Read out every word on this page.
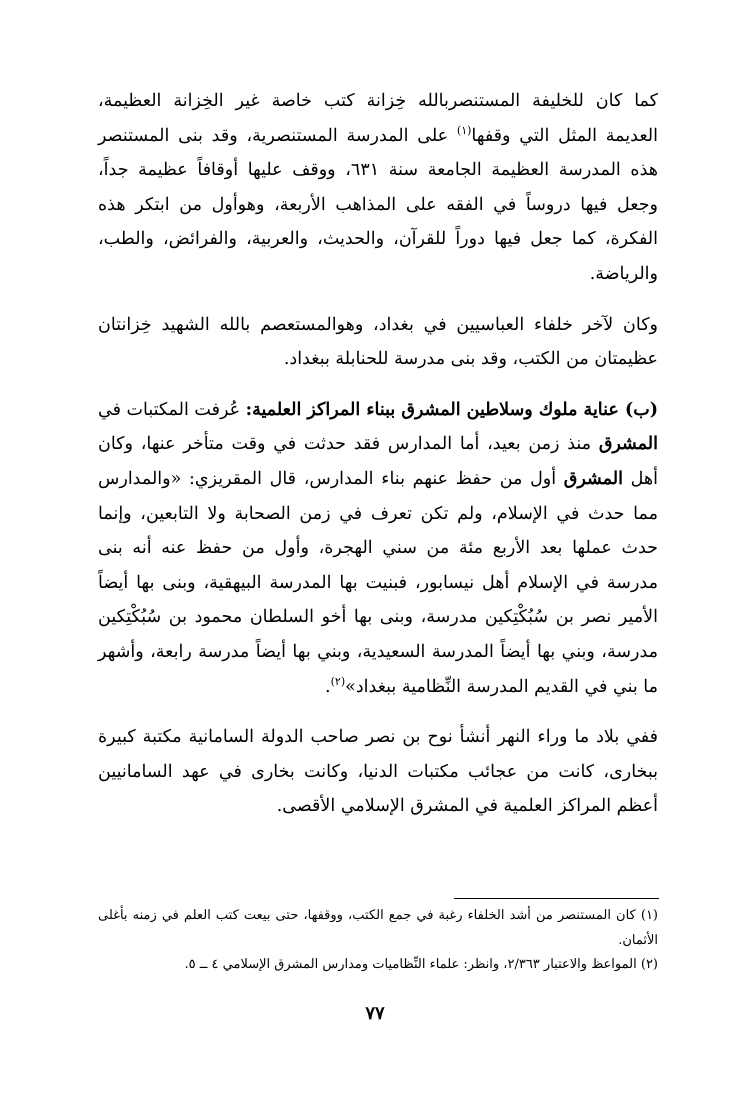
كما كان للخليفة المستنصربالله خِزانة كتب خاصة غير الخِزانة العظيمة، العديمة المثل التي وقفها$^{(١)}$ على المدرسة المستنصرية، وقد بنى المستنصر هذه المدرسة العظيمة الجامعة سنة ٦٣١، ووقف عليها أوقافاً عظيمة جداً، وجعل فيها دروساً في الفقه على المذاهب الأربعة، وهوأول من ابتكر هذه الفكرة، كما جعل فيها دوراً للقرآن، والحديث، والعربية، والفرائض، والطب، والرياضة.

وكان لآخر خلفاء العباسيين في بغداد، وهوالمستعصم بالله الشهيد خِزانتان عظيمتان من الكتب، وقد بنى مدرسة للحنابلة ببغداد.

(ب) عناية ملوك وسلاطين المشرق ببناء المراكز العلمية: عُرفت المكتبات في المشرق منذ زمن بعيد، أما المدارس فقد حدثت في وقت متأخر عنها، وكان أهل المشرق أول من حفظ عنهم بناء المدارس، قال المقريزي: «والمدارس مما حدث في الإسلام، ولم تكن تعرف في زمن الصحابة ولا التابعين، وإنما حدث عملها بعد الأربع مئة من سني الهجرة، وأول من حفظ عنه أنه بنى مدرسة في الإسلام أهل نيسابور، فبنيت بها المدرسة البيهقية، وبنى بها أيضاً الأمير نصر بن سُبُكْتِكين مدرسة، وبنى بها أخو السلطان محمود بن سُبُكْتِكين مدرسة، وبني بها أيضاً المدرسة السعيدية، وبني بها أيضاً مدرسة رابعة، وأشهر ما بني في القديم المدرسة النِّظامية ببغداد»$^{(٢)}$.

ففي بلاد ما وراء النهر أنشأ نوح بن نصر صاحب الدولة السامانية مكتبة كبيرة ببخارى، كانت من عجائب مكتبات الدنيا، وكانت بخارى في عهد السامانيين أعظم المراكز العلمية في المشرق الإسلامي الأقصى.

(١) كان المستنصر من أشد الخلفاء رغبة في جمع الكتب، ووقفها، حتى بيعت كتب العلم في زمنه بأغلى الأثمان.

(٢) المواعظ والاعتبار ٢/٣٦٣، وانظر: علماء النِّظاميات ومدارس المشرق الإسلامي ٤ ــ ٥.

٧٧
